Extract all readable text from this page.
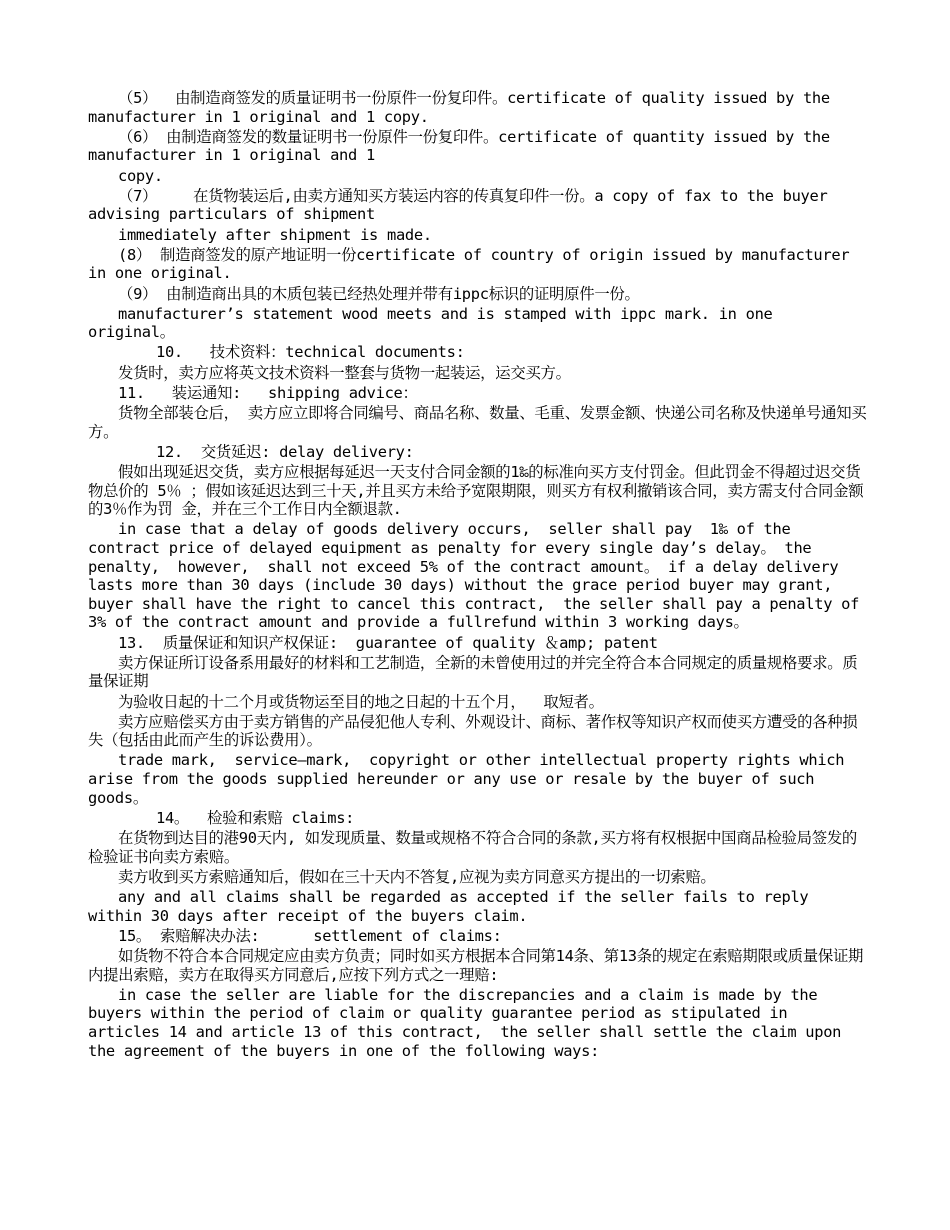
（5）  由制造商签发的质量证明书一份原件一份复印件。certificate of quality issued by the manufacturer in 1 original and 1 copy.

（6） 由制造商签发的数量证明书一份原件一份复印件。certificate of quantity issued by the manufacturer in 1 original and 1

copy.

（7）    在货物装运后,由卖方通知买方装运内容的传真复印件一份。a copy of fax to the buyer advising particulars of shipment

immediately after shipment is made.

(8） 制造商签发的原产地证明一份certificate of country of origin issued by manufacturer in one original.

（9） 由制造商出具的木质包装已经热处理并带有ippc标识的证明原件一份。

manufacturer’s statement wood meets and is stamped with ippc mark. in one original。

10.   技术资料：technical documents:

发货时，卖方应将英文技术资料一整套与货物一起装运，运交买方。

11.   装运通知:   shipping advice：

货物全部装仓后， 卖方应立即将合同编号、商品名称、数量、毛重、发票金额、快递公司名称及快递单号通知买方。

12.  交货延迟: delay delivery:

假如出现延迟交货，卖方应根据每延迟一天支付合同金额的1‰的标准向买方支付罚金。但此罚金不得超过迟交货物总价的 5％ ；假如该延迟达到三十天,并且买方未给予宽限期限，则买方有权利撤销该合同，卖方需支付合同金额的3％作为罚 金，并在三个工作日内全额退款.

in case that a delay of goods delivery occurs,  seller shall pay  1‰ of the contract price of delayed equipment as penalty for every single day’s delay。 the penalty,  however,  shall not exceed 5% of the contract amount。 if a delay delivery lasts more than 30 days (include 30 days) without the grace period buyer may grant, buyer shall have the right to cancel this contract,  the seller shall pay a penalty of 3% of the contract amount and provide a fullrefund within 3 working days。

13.  质量保证和知识产权保证:  guarantee of quality ＆amp; patent

卖方保证所订设备系用最好的材料和工艺制造，全新的未曾使用过的并完全符合本合同规定的质量规格要求。质量保证期

为验收日起的十二个月或货物运至目的地之日起的十五个月，  取短者。

卖方应赔偿买方由于卖方销售的产品侵犯他人专利、外观设计、商标、著作权等知识产权而使买方遭受的各种损失（包括由此而产生的诉讼费用）。

trade mark,  service—mark,  copyright or other intellectual property rights which arise from the goods supplied hereunder or any use or resale by the buyer of such goods。

14。  检验和索赔 claims:

在货物到达目的港90天内, 如发现质量、数量或规格不符合合同的条款,买方将有权根据中国商品检验局签发的检验证书向卖方索赔。

卖方收到买方索赔通知后，假如在三十天内不答复,应视为卖方同意买方提出的一切索赔。

any and all claims shall be regarded as accepted if the seller fails to reply within 30 days after receipt of the buyers claim.

15。 索赔解决办法:      settlement of claims:

如货物不符合本合同规定应由卖方负责；同时如买方根据本合同第14条、第13条的规定在索赔期限或质量保证期内提出索赔，卖方在取得买方同意后,应按下列方式之一理赔:

in case the seller are liable for the discrepancies and a claim is made by the buyers within the period of claim or quality guarantee period as stipulated in articles 14 and article 13 of this contract,  the seller shall settle the claim upon the agreement of the buyers in one of the following ways:
